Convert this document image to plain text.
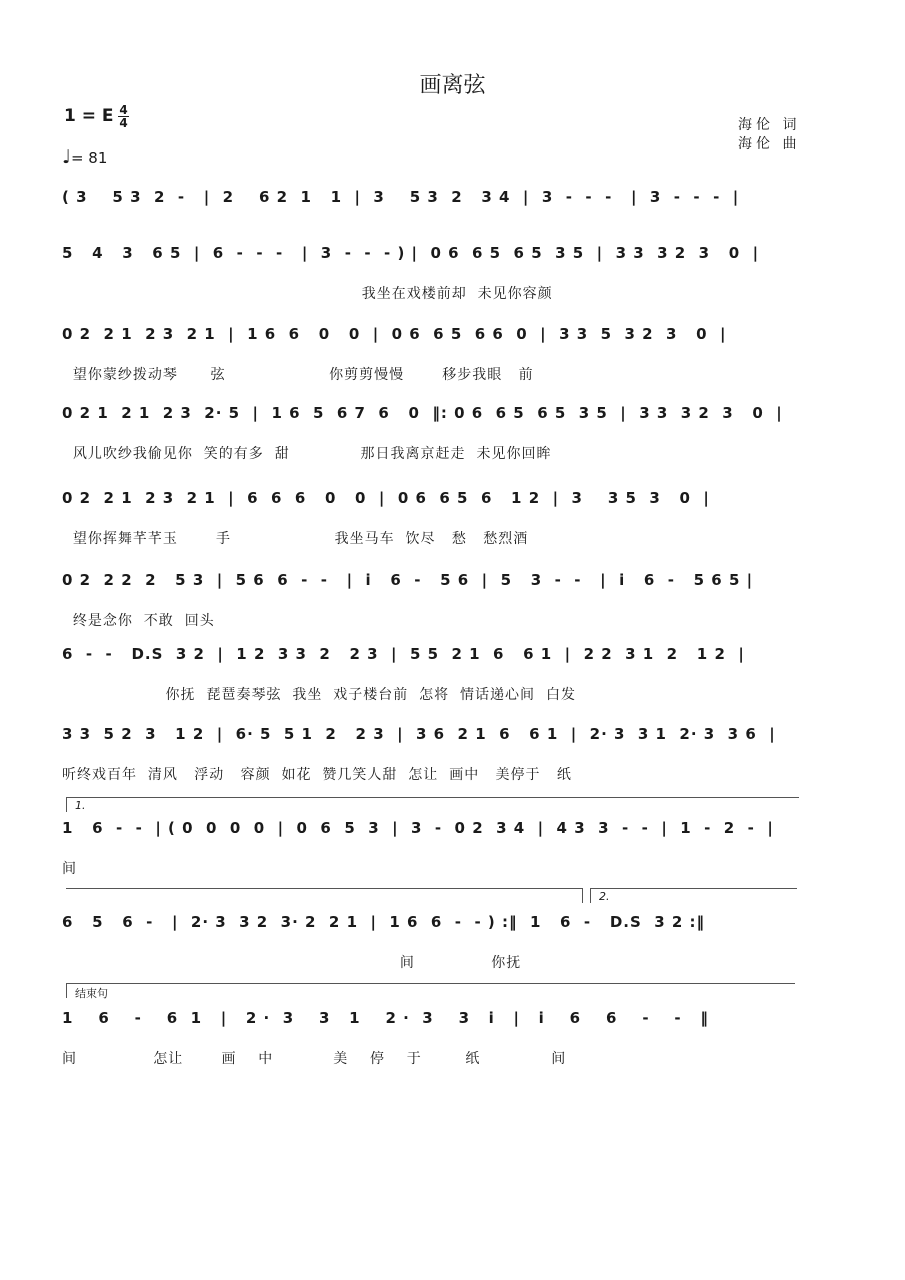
画离弦
1 = E 4
4
♩= 81
海伦 词
海伦 曲
( 3    5 3  2  -   |  2    6 2  1   1  |  3    5 3  2   3 4  |  3  -  -  -   |  3  -  -  -  |
5   4   3   6 5  |  6  -  -  -   |  3  -  -  - ) |  0 6  6 5  6 5  3 5  |  3 3  3 2  3   0  |
我坐在戏楼前却  未见你容颜
0 2  2 1  2 3  2 1  |  1 6  6   0   0  |  0 6  6 5  6 6  0  |  3 3  5  3 2  3   0  |
望你蒙纱拨动琴      弦                   你剪剪慢慢       移步我眼   前
0 2 1  2 1  2 3  2· 5  |  1 6  5  6 7  6   0  ‖: 0 6  6 5  6 5  3 5  |  3 3  3 2  3   0  |
风儿吹纱我偷见你  笑的有多  甜             那日我离京赶走  未见你回眸
0 2  2 1  2 3  2 1  |  6  6  6   0   0  |  0 6  6 5  6   1 2  |  3    3 5  3   0  |
望你挥舞芊芊玉       手                   我坐马车  饮尽   愁   愁烈酒
0 2  2 2  2   5 3  |  5 6  6  -  -   |  i   6  -   5 6  |  5   3  -  -   |  i   6  -   5 6 5 |
终是念你  不敢  回头
6  -  -   D.S  3 2  |  1 2  3 3  2   2 3  |  5 5  2 1  6   6 1  |  2 2  3 1  2   1 2  |
你抚  琵琶奏琴弦  我坐  戏子楼台前  怎将  情话递心间  白发
3 3  5 2  3   1 2  |  6· 5  5 1  2   2 3  |  3 6  2 1  6   6 1  |  2· 3  3 1  2· 3  3 6  |
听终戏百年  清风   浮动   容颜  如花  赞几笑人甜  怎让  画中   美停于   纸
1.
1   6  -  -  | ( 0  0  0  0  |  0  6  5  3  |  3  -  0 2  3 4  |  4 3  3  -  -  |  1  -  2  -  |
间
2.
6   5   6  -   |  2· 3  3 2  3· 2  2 1  |  1 6  6  -  - ) :‖  1   6  -   D.S  3 2 :‖
间              你抚
结束句
1    6    -    6  1   |   2 ·  3    3   1    2 ·  3    3   i   |   i    6    6    -    -   ‖
间              怎让       画    中           美    停    于        纸             间
